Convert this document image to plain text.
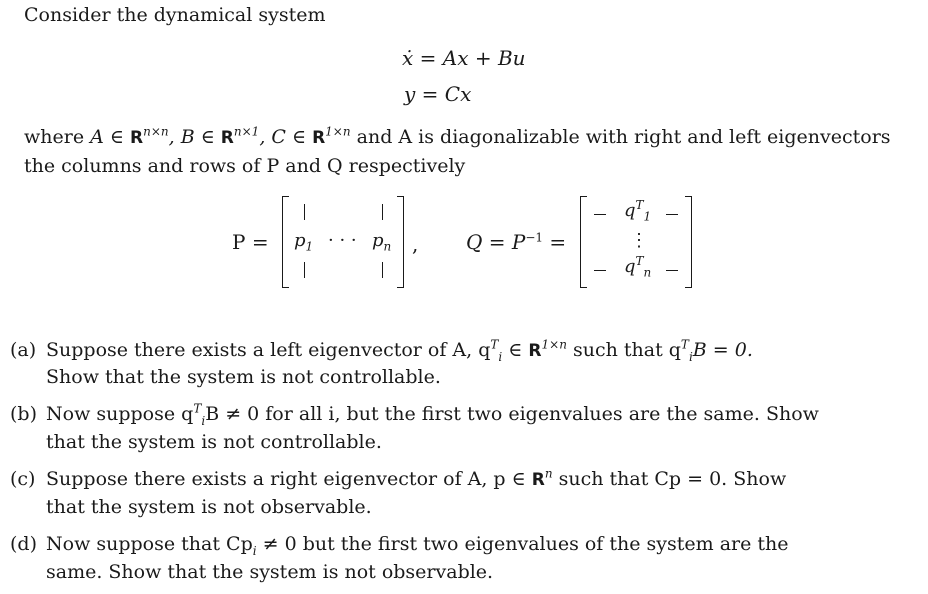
Consider the dynamical system
ẋ = Ax + Bu
y = Cx
where A ∈ $R^{n\times n}$, B ∈ $R^{n\times 1}$, C ∈ $R^{1\times n}$ and A is diagonalizable with right and left eigenvectors
the columns and rows of P and Q respectively
$P = p_1$ · · · $p_n$ , $Q = P^{-1}$ =
$q^T_1$
⋮
$q^T_n$
(a) Suppose there exists a left eigenvector of A, $q^T_i$ ∈ $R^{1\times n}$ such that $q^T_iB = 0$.
Show that the system is not controllable.
(b) Now suppose $q^T_iB \ne 0$ for all i, but the first two eigenvalues are the same. Show
that the system is not controllable.
(c) Suppose there exists a right eigenvector of A, p ∈ $R^n$ such that Cp = 0. Show
that the system is not observable.
(d) Now suppose that $Cp_i \ne 0$ but the first two eigenvalues of the system are the
same. Show that the system is not observable.
